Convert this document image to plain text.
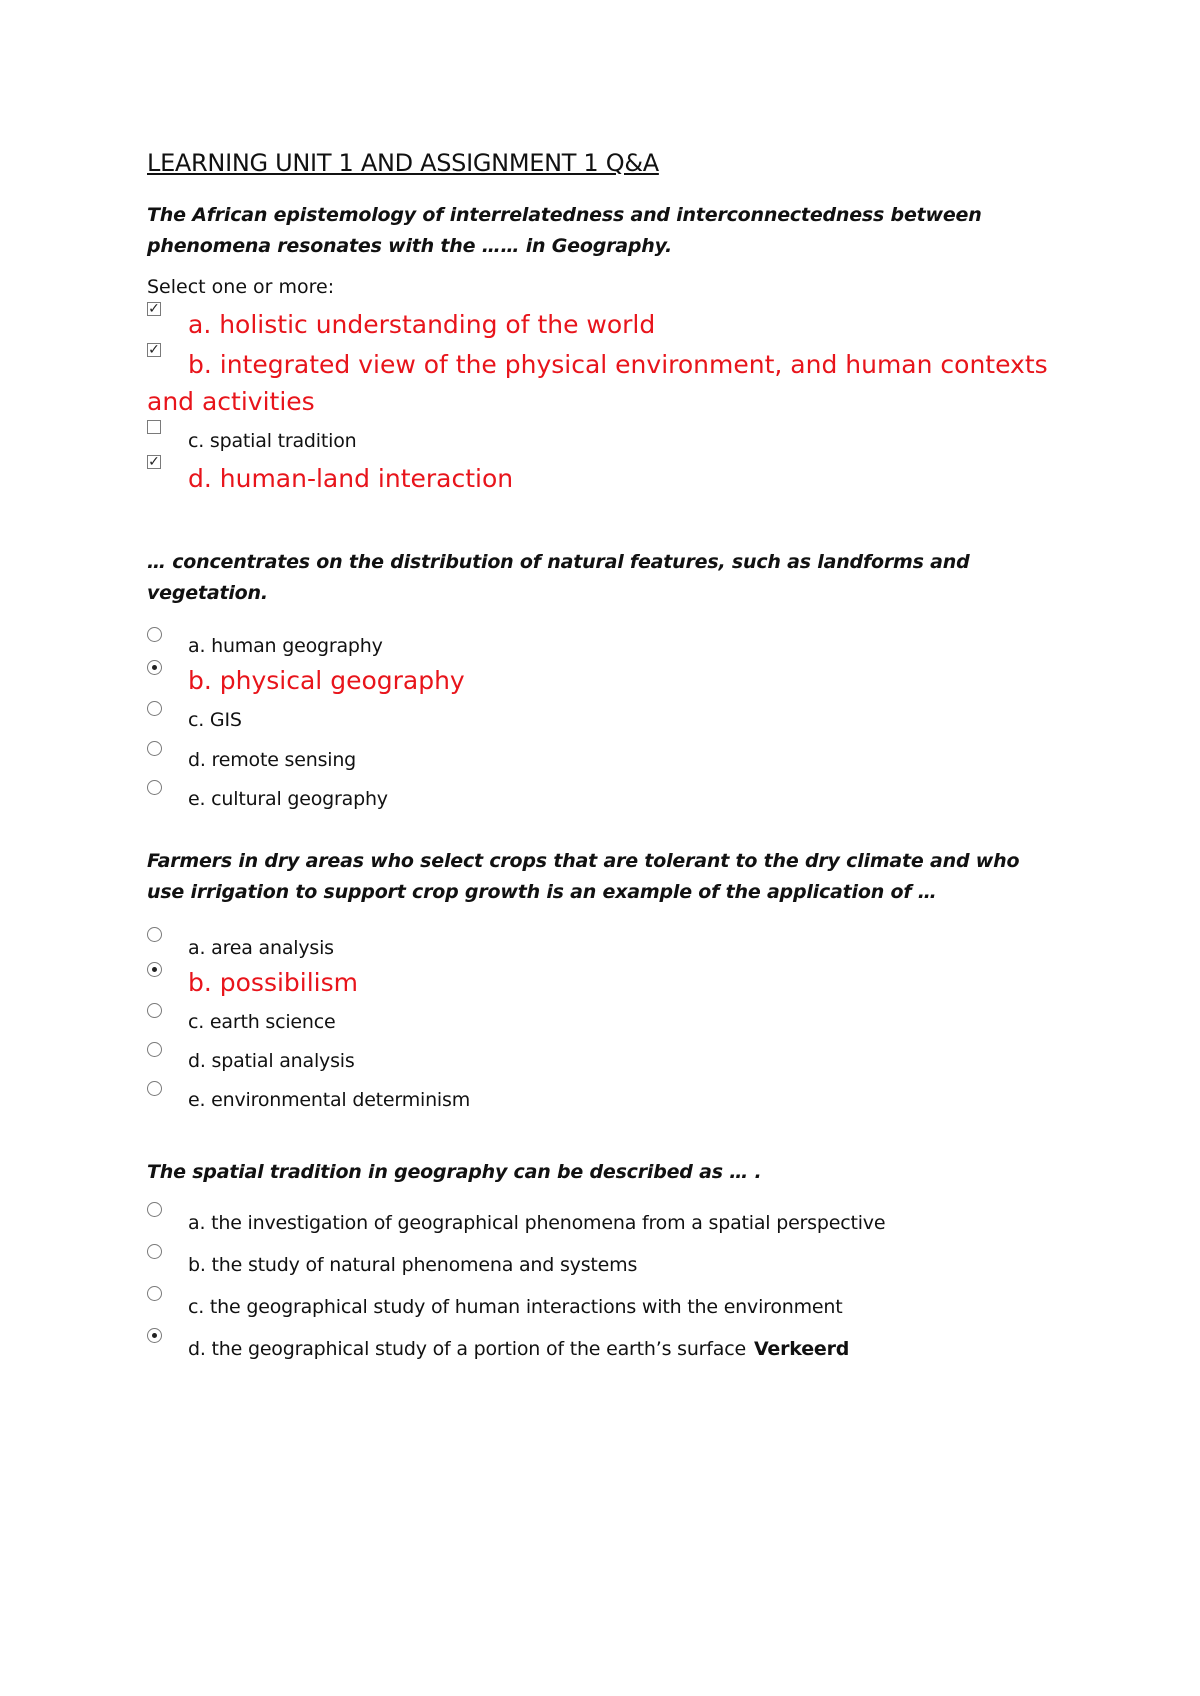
LEARNING UNIT 1 AND ASSIGNMENT 1 Q&A
The African epistemology of interrelatedness and interconnectedness between
phenomena resonates with the …… in Geography.
Select one or more:
✓
a. holistic understanding of the world
✓ b. integrated view of the physical environment, and human contexts and activities
c. spatial tradition
✓
d. human-land interaction
… concentrates on the distribution of natural features, such as landforms and
vegetation.
a. human geography
b. physical geography
c. GIS
d. remote sensing
e. cultural geography
Farmers in dry areas who select crops that are tolerant to the dry climate and who
use irrigation to support crop growth is an example of the application of …
a. area analysis
b. possibilism
c. earth science
d. spatial analysis
e. environmental determinism
The spatial tradition in geography can be described as … .
a. the investigation of geographical phenomena from a spatial perspective
b. the study of natural phenomena and systems
c. the geographical study of human interactions with the environment
d. the geographical study of a portion of the earth’s surface Verkeerd
